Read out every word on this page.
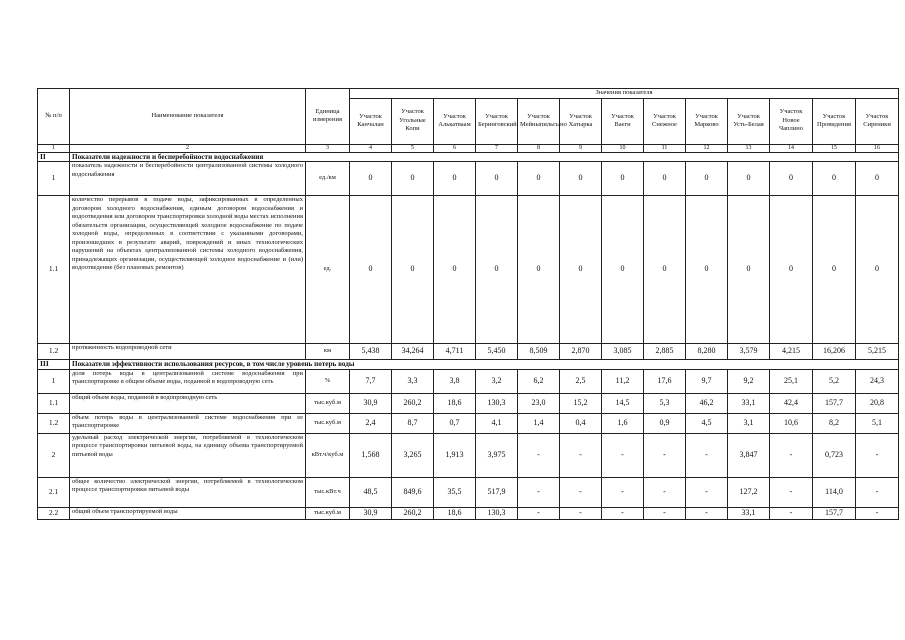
№ п/п	Наименование показателя	Единица измерения	Значения показателя												
			Участок Канчалан	Участок Угольные Копи	Участок Алькатваам	Участок Беринговский	Участок Мейныпильгыно	Участок Хатырка	Участок Ваеги	Участок Снежное	Участок Марково	Участок Усть-Белая	Участок Новое Чаплино	Участок Провидения	Участок Сиреники
1	2	3	4	5	6	7	8	9	10	11	12	13	14	15	16
II	Показатели надежности и бесперебойности водоснабжения														
1	показатель надежности и бесперебойности централизованной системы холодного водоснабжения	ед./км	0	0	0	0	0	0	0	0	0	0	0	0	0
1.1	количество перерывов в подаче воды, зафиксированных в определенных договором холодного водоснабжения, единым договором водоснабжения и водоотведения или договором транспортировки холодной воды местах исполнения обязательств организации, осуществляющей холодное водоснабжение по подаче холодной воды, определенных в соответствии с указанными договорами, произошедших в результате аварий, повреждений и иных технологических нарушений на объектах централизованной системы холодного водоснабжения, принадлежащих организации, осуществляющей холодное водоснабжение и (или) водоотведение (без плановых ремонтов)	ед.	0	0	0	0	0	0	0	0	0	0	0	0	0
1.2	протяженность водопроводной сети	км	5,438	34,264	4,711	5,450	8,509	2,870	3,085	2,885	8,280	3,579	4,215	16,206	5,215
III	Показатели эффективности использования ресурсов, в том числе уровень потерь воды														
1	доля потерь воды в централизованной системе водоснабжения при транспортировке в общем объеме воды, поданной в водопроводную сеть	%	7,7	3,3	3,8	3,2	6,2	2,5	11,2	17,6	9,7	9,2	25,1	5,2	24,3
1.1	общий объем воды, поданной в водопроводную сеть	тыс.куб.м	30,9	260,2	18,6	130,3	23,0	15,2	14,5	5,3	46,2	33,1	42,4	157,7	20,8
1.2	объем потерь воды в централизованной системе водоснабжения при ее транспортировке	тыс.куб.м	2,4	8,7	0,7	4,1	1,4	0,4	1,6	0,9	4,5	3,1	10,6	8,2	5,1
2	удельный расход электрической энергии, потребляемой в технологическом процессе транспортировки питьевой воды, на единицу объема транспортируемой питьевой воды	кВт.ч/куб.м	1,568	3,265	1,913	3,975	-	-	-	-	-	3,847	-	0,723	-
2.1	общее количество электрической энергии, потребляемой в технологическом процессе транспортировки питьевой воды	тыс.кВт.ч	48,5	849,6	35,5	517,9	-	-	-	-	-	127,2	-	114,0	-
2.2	общий объем транспортируемой воды	тыс.куб.м	30,9	260,2	18,6	130,3	-	-	-	-	-	33,1	-	157,7	-
